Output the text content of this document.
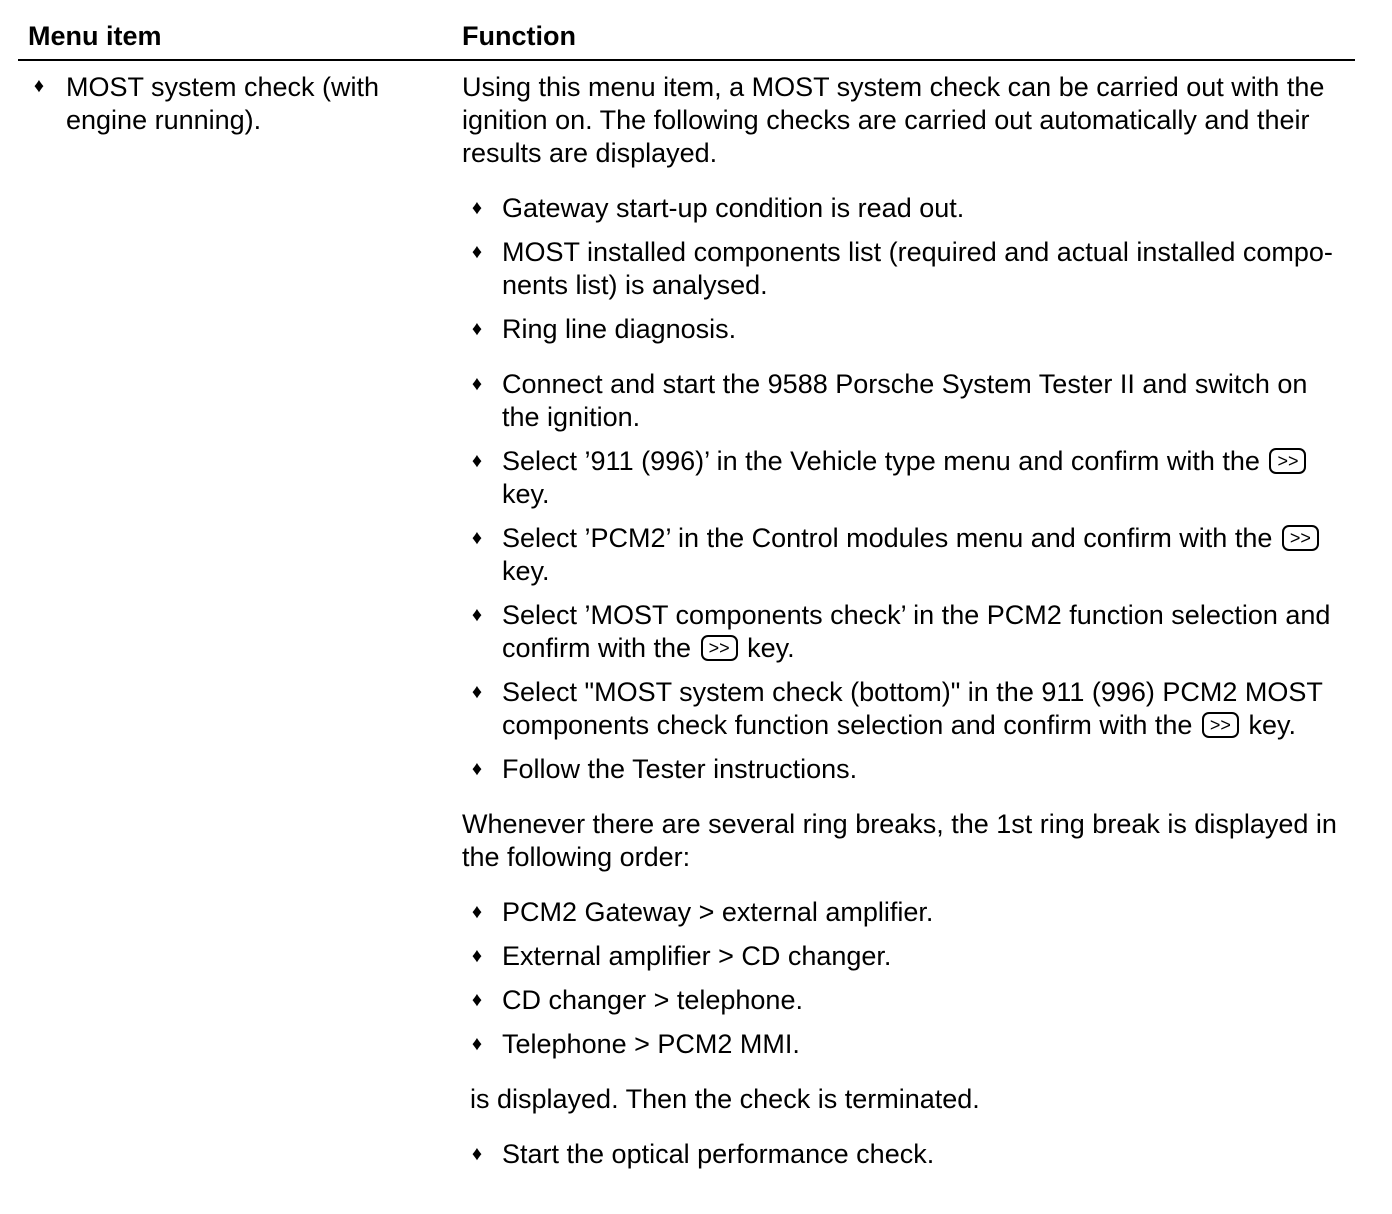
Menu item	Function
♦ MOST system check (with engine running).

Using this menu item, a MOST system check can be carried out with the ignition on. The following checks are carried out automatically and their results are displayed.

♦ Gateway start-up condition is read out.
♦ MOST installed components list (required and actual installed compo-nents list) is analysed.
♦ Ring line diagnosis.
♦ Connect and start the 9588 Porsche System Tester II and switch on the ignition.
♦ Select ’911 (996)’ in the Vehicle type menu and confirm with the >> key.
♦ Select ’PCM2’ in the Control modules menu and confirm with the >> key.
♦ Select ’MOST components check’ in the PCM2 function selection and confirm with the >> key.
♦ Select "MOST system check (bottom)" in the 911 (996) PCM2 MOST components check function selection and confirm with the >> key.
♦ Follow the Tester instructions.

Whenever there are several ring breaks, the 1st ring break is displayed in the following order:

♦ PCM2 Gateway > external amplifier.
♦ External amplifier > CD changer.
♦ CD changer > telephone.
♦ Telephone > PCM2 MMI.

is displayed. Then the check is terminated.

♦ Start the optical performance check.
